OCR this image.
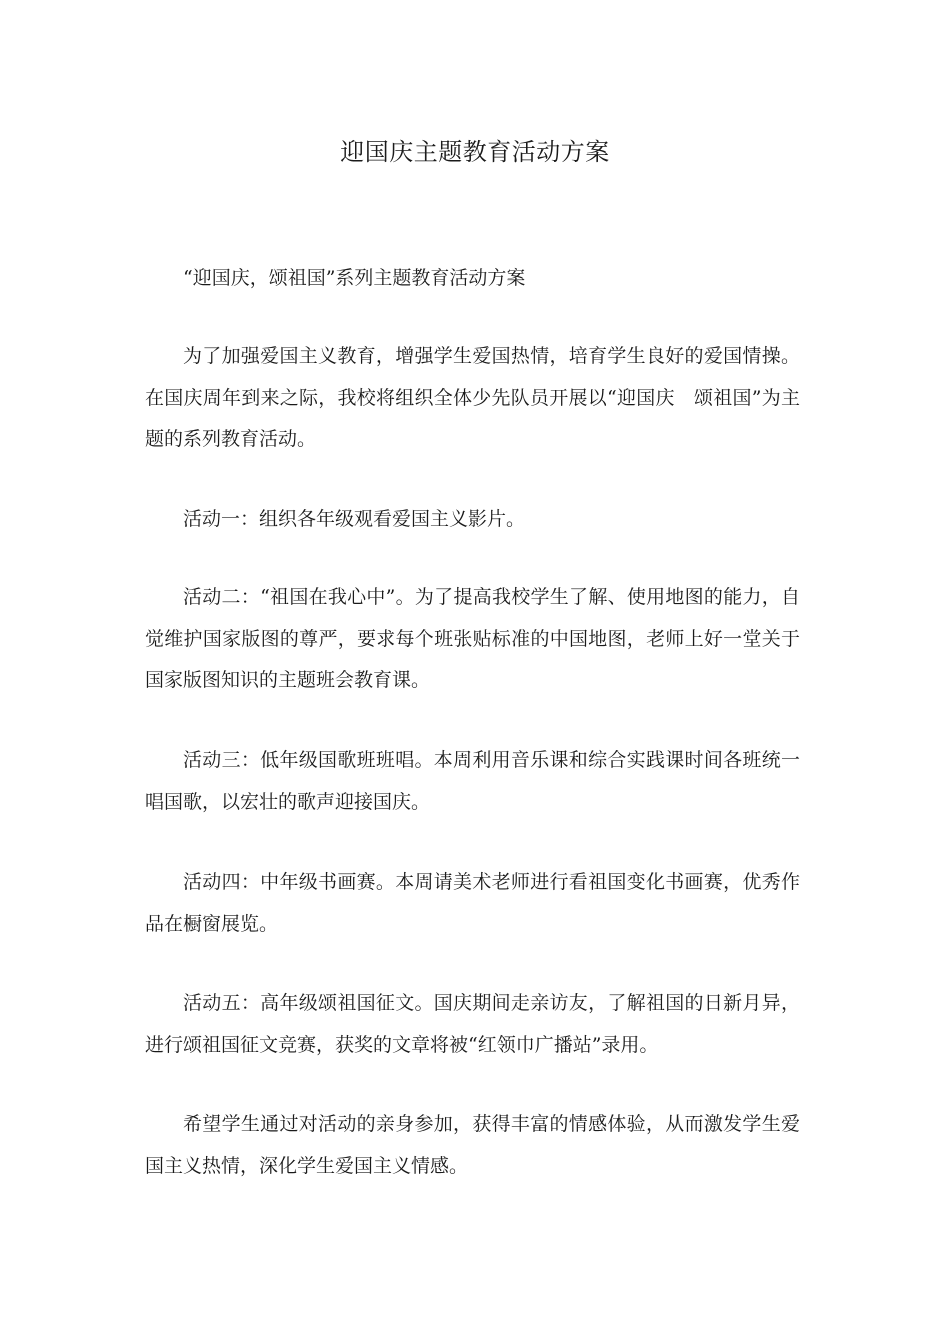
迎国庆主题教育活动方案

“迎国庆，颂祖国”系列主题教育活动方案

为了加强爱国主义教育，增强学生爱国热情，培育学生良好的爱国情操。在国庆周年到来之际，我校将组织全体少先队员开展以“迎国庆　颂祖国”为主题的系列教育活动。

活动一：组织各年级观看爱国主义影片。

活动二：“祖国在我心中”。为了提高我校学生了解、使用地图的能力，自觉维护国家版图的尊严，要求每个班张贴标准的中国地图，老师上好一堂关于国家版图知识的主题班会教育课。

活动三：低年级国歌班班唱。本周利用音乐课和综合实践课时间各班统一唱国歌，以宏壮的歌声迎接国庆。

活动四：中年级书画赛。本周请美术老师进行看祖国变化书画赛，优秀作品在橱窗展览。

活动五：高年级颂祖国征文。国庆期间走亲访友，了解祖国的日新月异，进行颂祖国征文竞赛，获奖的文章将被“红领巾广播站”录用。

希望学生通过对活动的亲身参加，获得丰富的情感体验，从而激发学生爱国主义热情，深化学生爱国主义情感。
